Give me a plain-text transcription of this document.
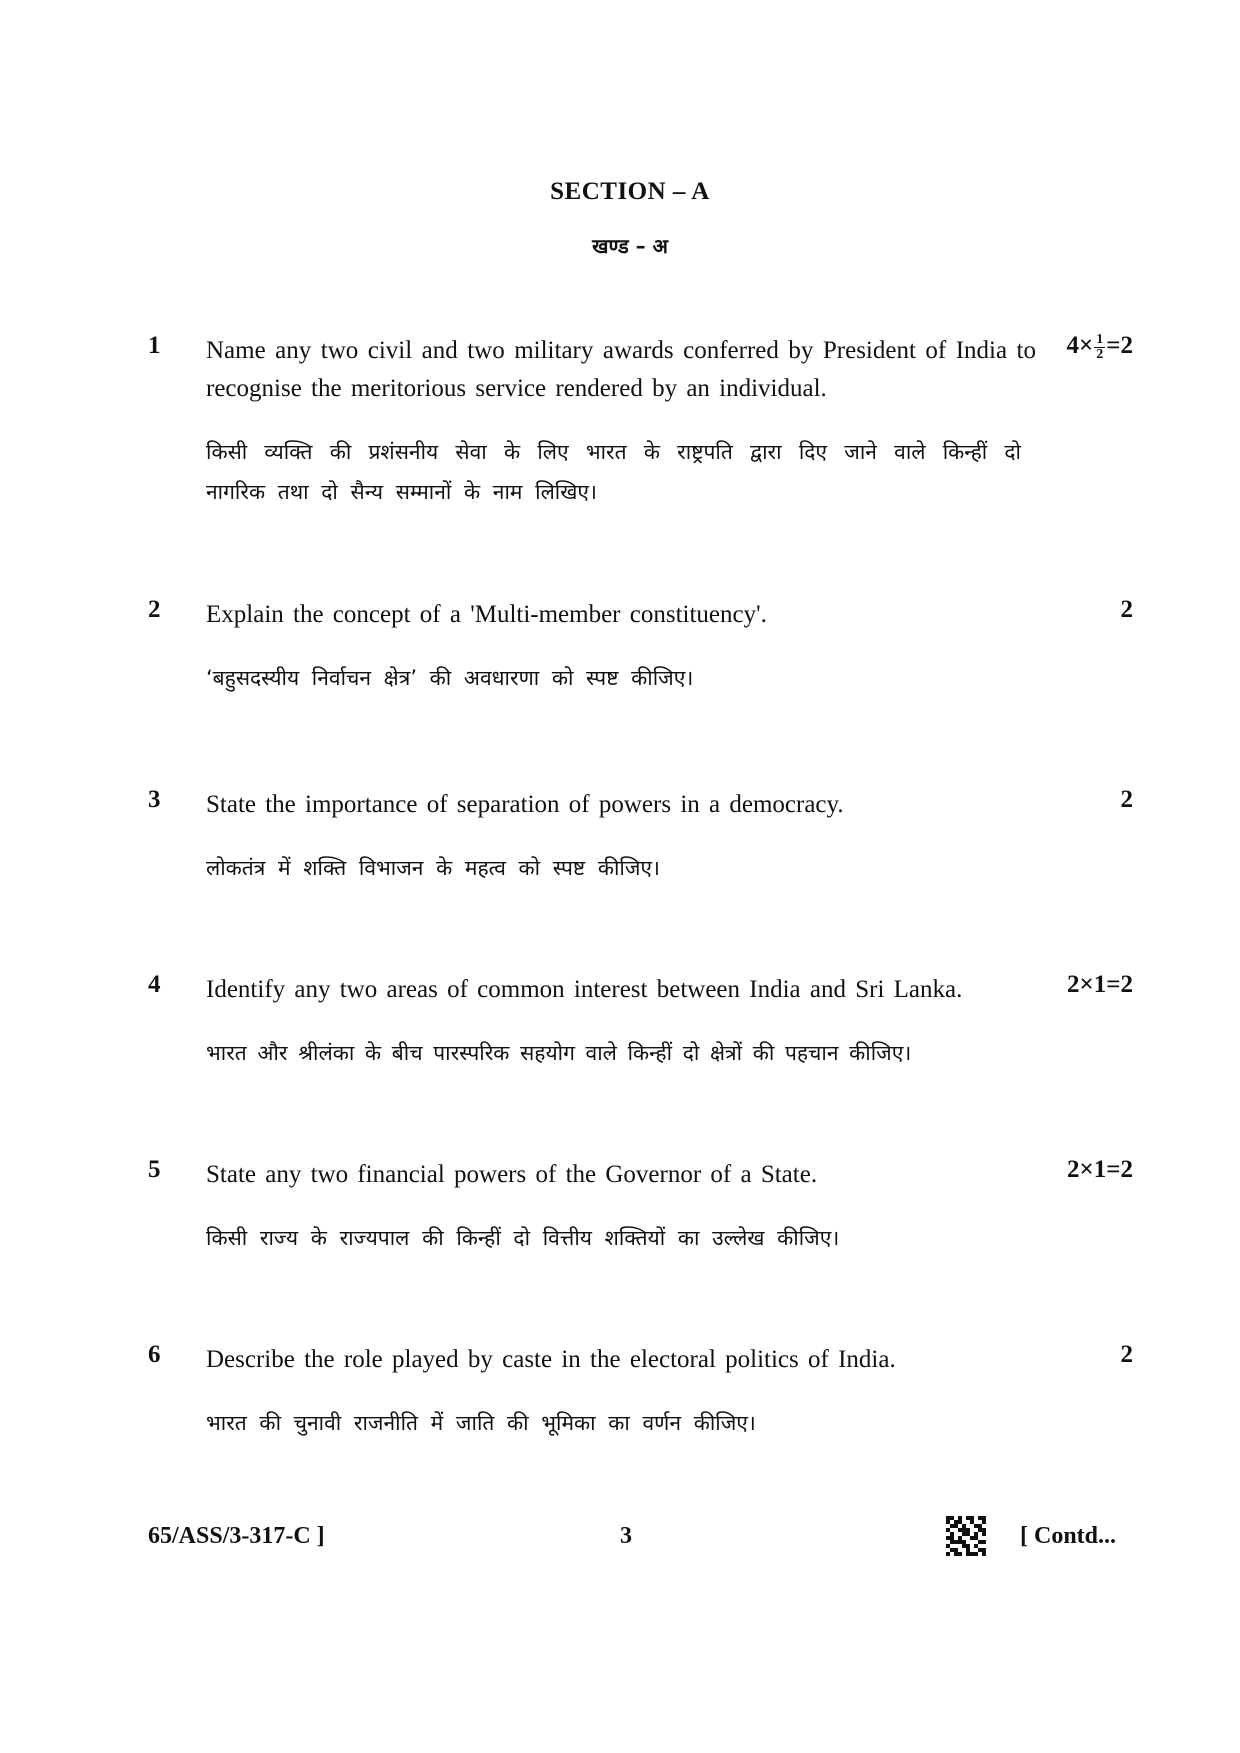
SECTION – A
खण्ड – अ
1 Name any two civil and two military awards conferred by President of India to recognise the meritorious service rendered by an individual.
$4\times \frac{1}{2} =2$
किसी व्यक्ति की प्रशंसनीय सेवा के लिए भारत के राष्ट्रपति द्वारा दिए जाने वाले किन्हीं दो नागरिक तथा दो सैन्य सम्मानों के नाम लिखिए।
2 Explain the concept of a 'Multi-member constituency'.	2
‘बहुसदस्यीय निर्वाचन क्षेत्र’ की अवधारणा को स्पष्ट कीजिए।
3 State the importance of separation of powers in a democracy.	2
लोकतंत्र में शक्ति विभाजन के महत्व को स्पष्ट कीजिए।
4 Identify any two areas of common interest between India and Sri Lanka.	2×1=2
भारत और श्रीलंका के बीच पारस्परिक सहयोग वाले किन्हीं दो क्षेत्रों की पहचान कीजिए।
5 State any two financial powers of the Governor of a State.	2×1=2
किसी राज्य के राज्यपाल की किन्हीं दो वित्तीय शक्तियों का उल्लेख कीजिए।
6 Describe the role played by caste in the electoral politics of India.	2
भारत की चुनावी राजनीति में जाति की भूमिका का वर्णन कीजिए।
65/ASS/3-317-C ]	3	[ Contd...
